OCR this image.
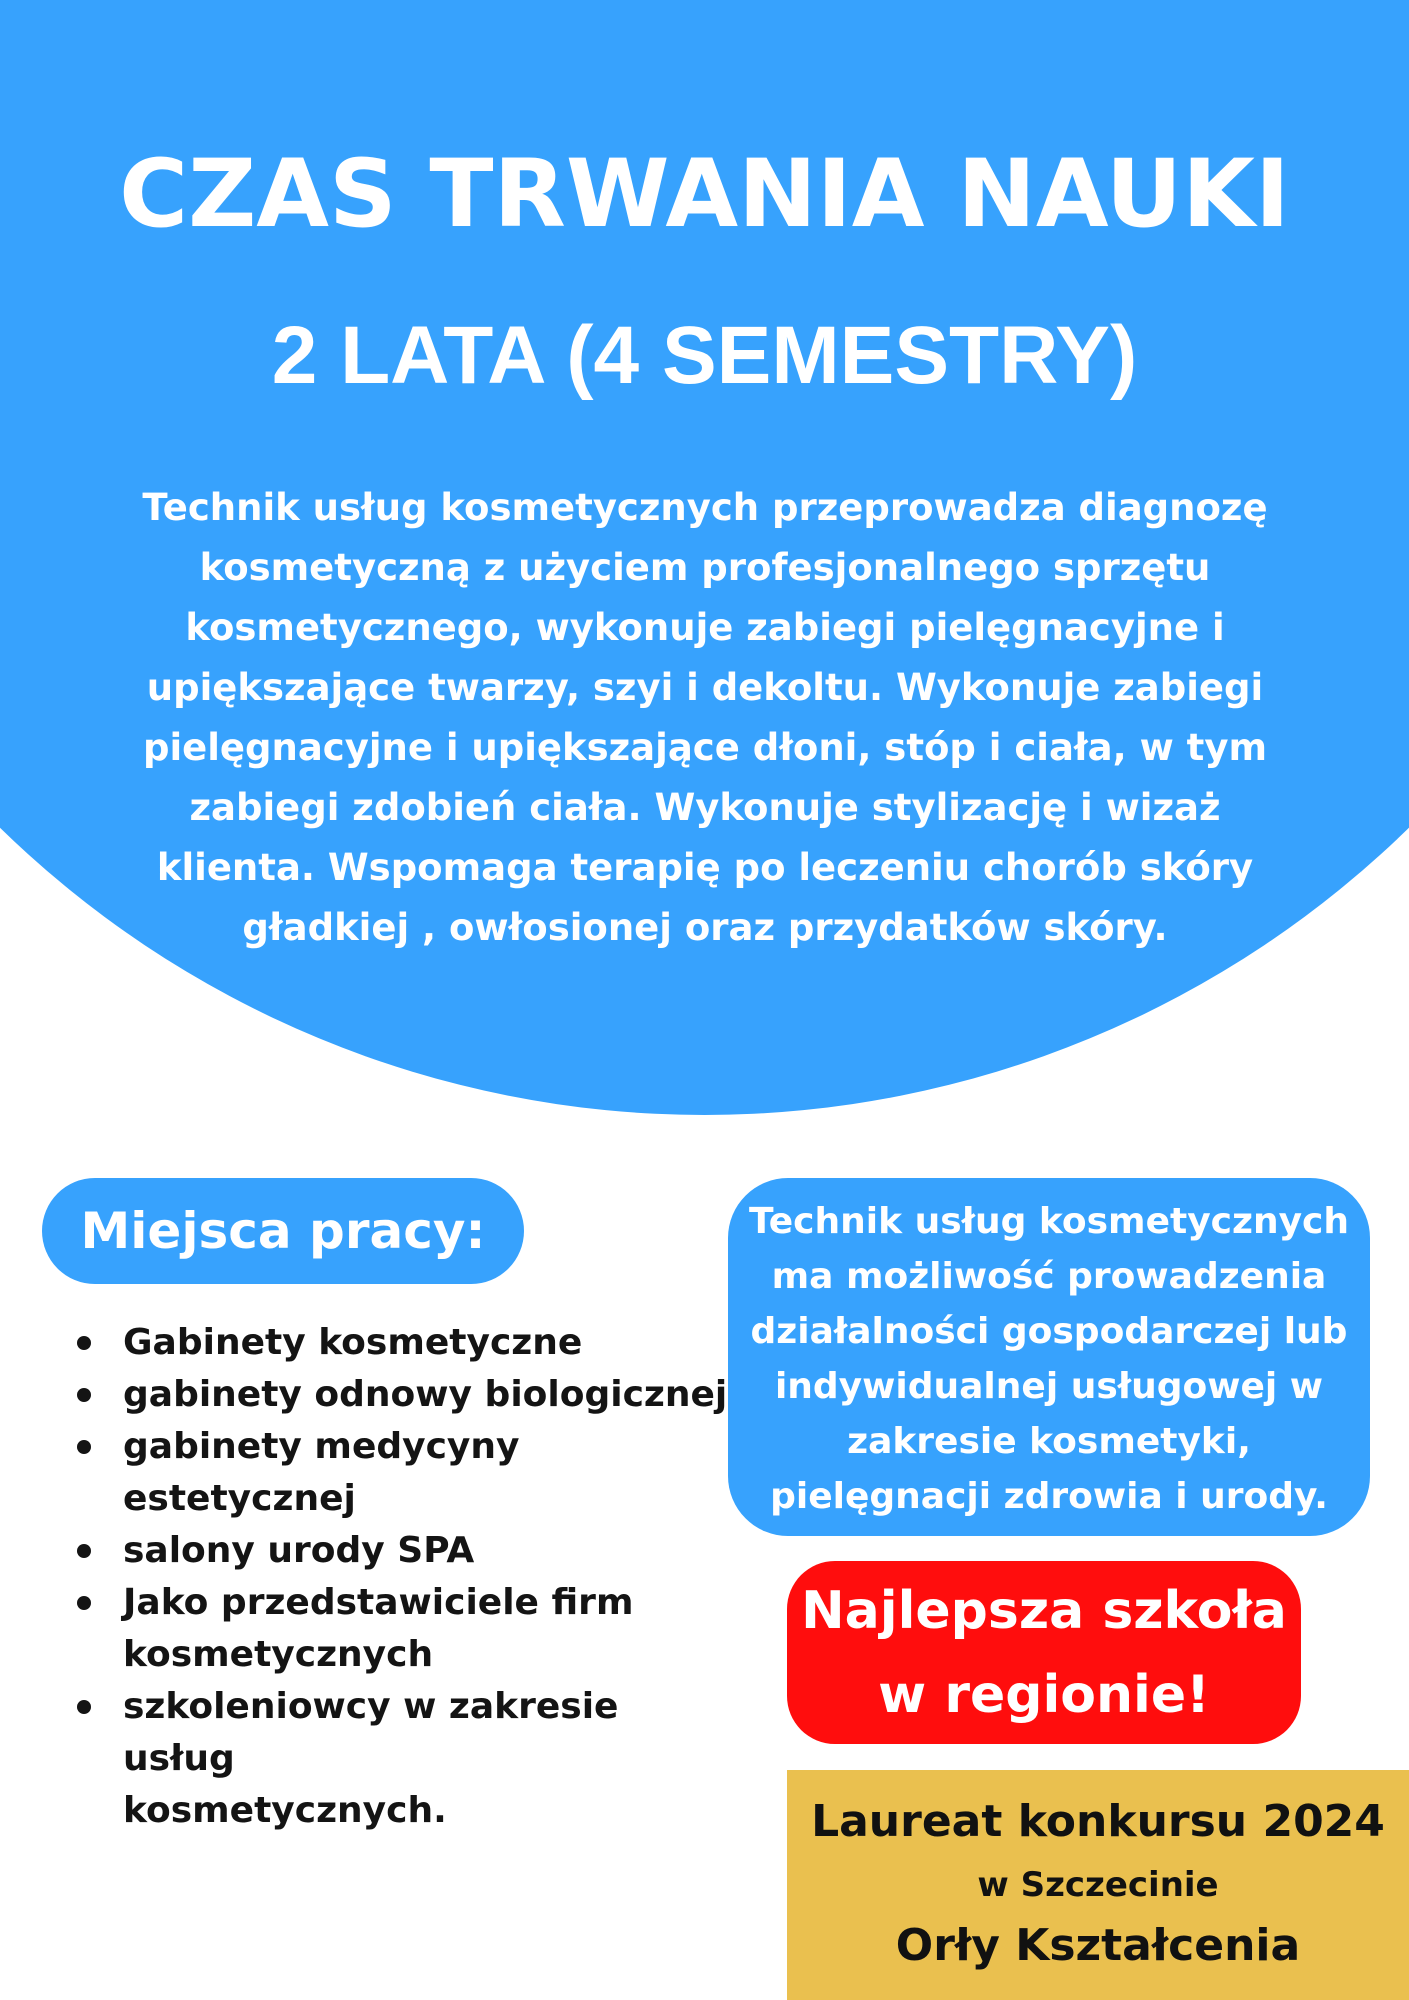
CZAS TRWANIA NAUKI
2 LATA (4 SEMESTRY)

Technik usług kosmetycznych przeprowadza diagnozę
kosmetyczną z użyciem profesjonalnego sprzętu
kosmetycznego, wykonuje zabiegi pielęgnacyjne i
upiększające twarzy, szyi i dekoltu. Wykonuje zabiegi
pielęgnacyjne i upiększające dłoni, stóp i ciała, w tym
zabiegi zdobień ciała. Wykonuje stylizację i wizaż
klienta. Wspomaga terapię po leczeniu chorób skóry
gładkiej , owłosionej oraz przydatków skóry.

Miejsca pracy:
Gabinety kosmetyczne
gabinety odnowy biologicznej
gabinety medycyny
estetycznej
salony urody SPA
Jako przedstawiciele firm
kosmetycznych
szkoleniowcy w zakresie usług
kosmetycznych.
Technik usług kosmetycznych
ma możliwość prowadzenia
działalności gospodarczej lub
indywidualnej usługowej w
zakresie kosmetyki,
pielęgnacji zdrowia i urody.
Najlepsza szkoła
w regionie!
Laureat konkursu 2024
w Szczecinie
Orły Kształcenia
